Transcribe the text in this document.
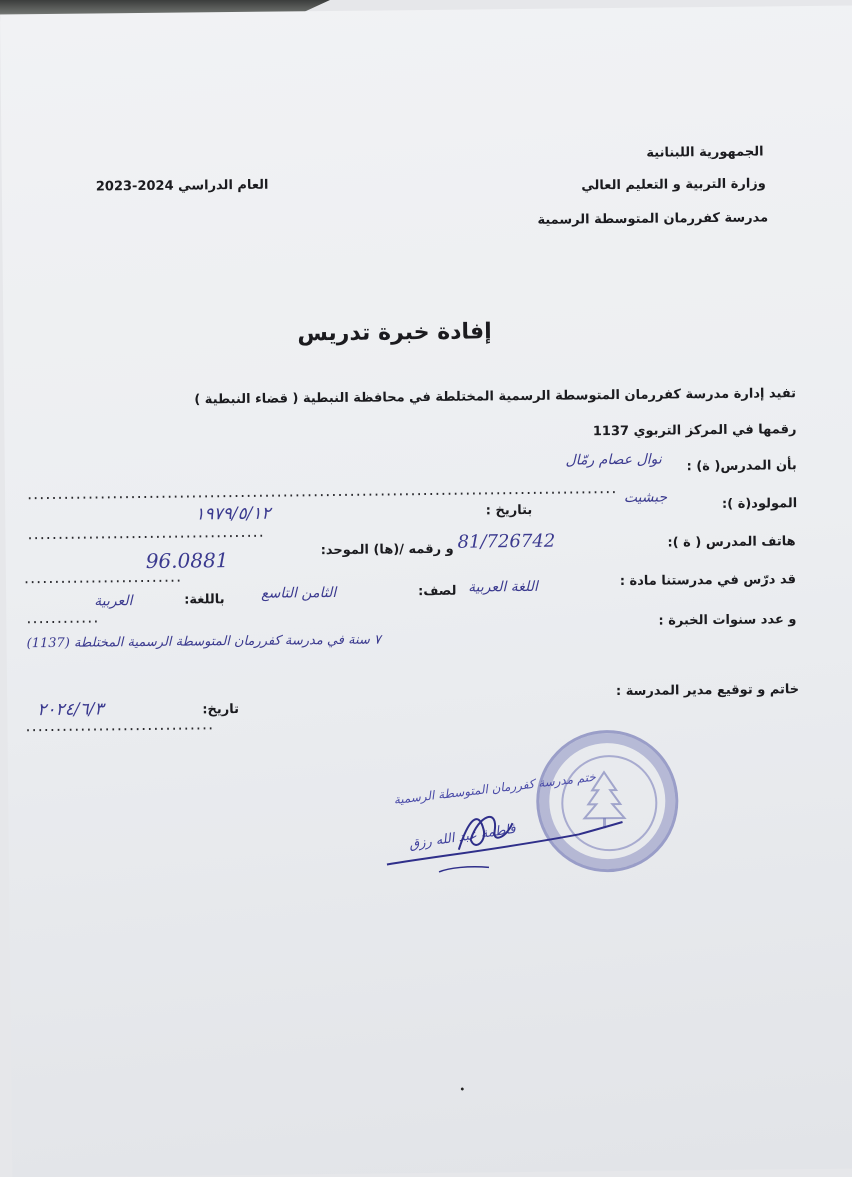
الجمهورية اللبنانية
وزارة التربية و التعليم العالي
مدرسة كفررمان المتوسطة الرسمية
العام الدراسي 2024-2023
إفادة خبرة تدريس
تفيد إدارة مدرسة كفررمان المتوسطة الرسمية المختلطة في محافظة النبطية ( قضاء النبطية )
رقمها في المركز التربوي 1137
بأن المدرس( ة) :
نوال عصام رمّال
.................................................................................................
المولود(ة ):
جبشيت
بتاريخ :
١٩٧٩/٥/١٢
.......................................	هاتف المدرس ( ة ):
81/726742
و رقمه /(ها) الموحد:
96.0881
..........................	قد درّس في مدرستنا مادة :
اللغة العربية
لصف:
الثامن التاسع
باللغة:
العربية
............	و عدد سنوات الخبرة :
٧ سنة في مدرسة كفررمان المتوسطة الرسمية المختلطة (1137)
خاتم و توقيع مدير المدرسة :
تاريخ:
٢٠٢٤/٦/٣
...............................
ختم مدرسة كفررمان المتوسطة الرسمية
فاطمة عبد الله رزق
•
